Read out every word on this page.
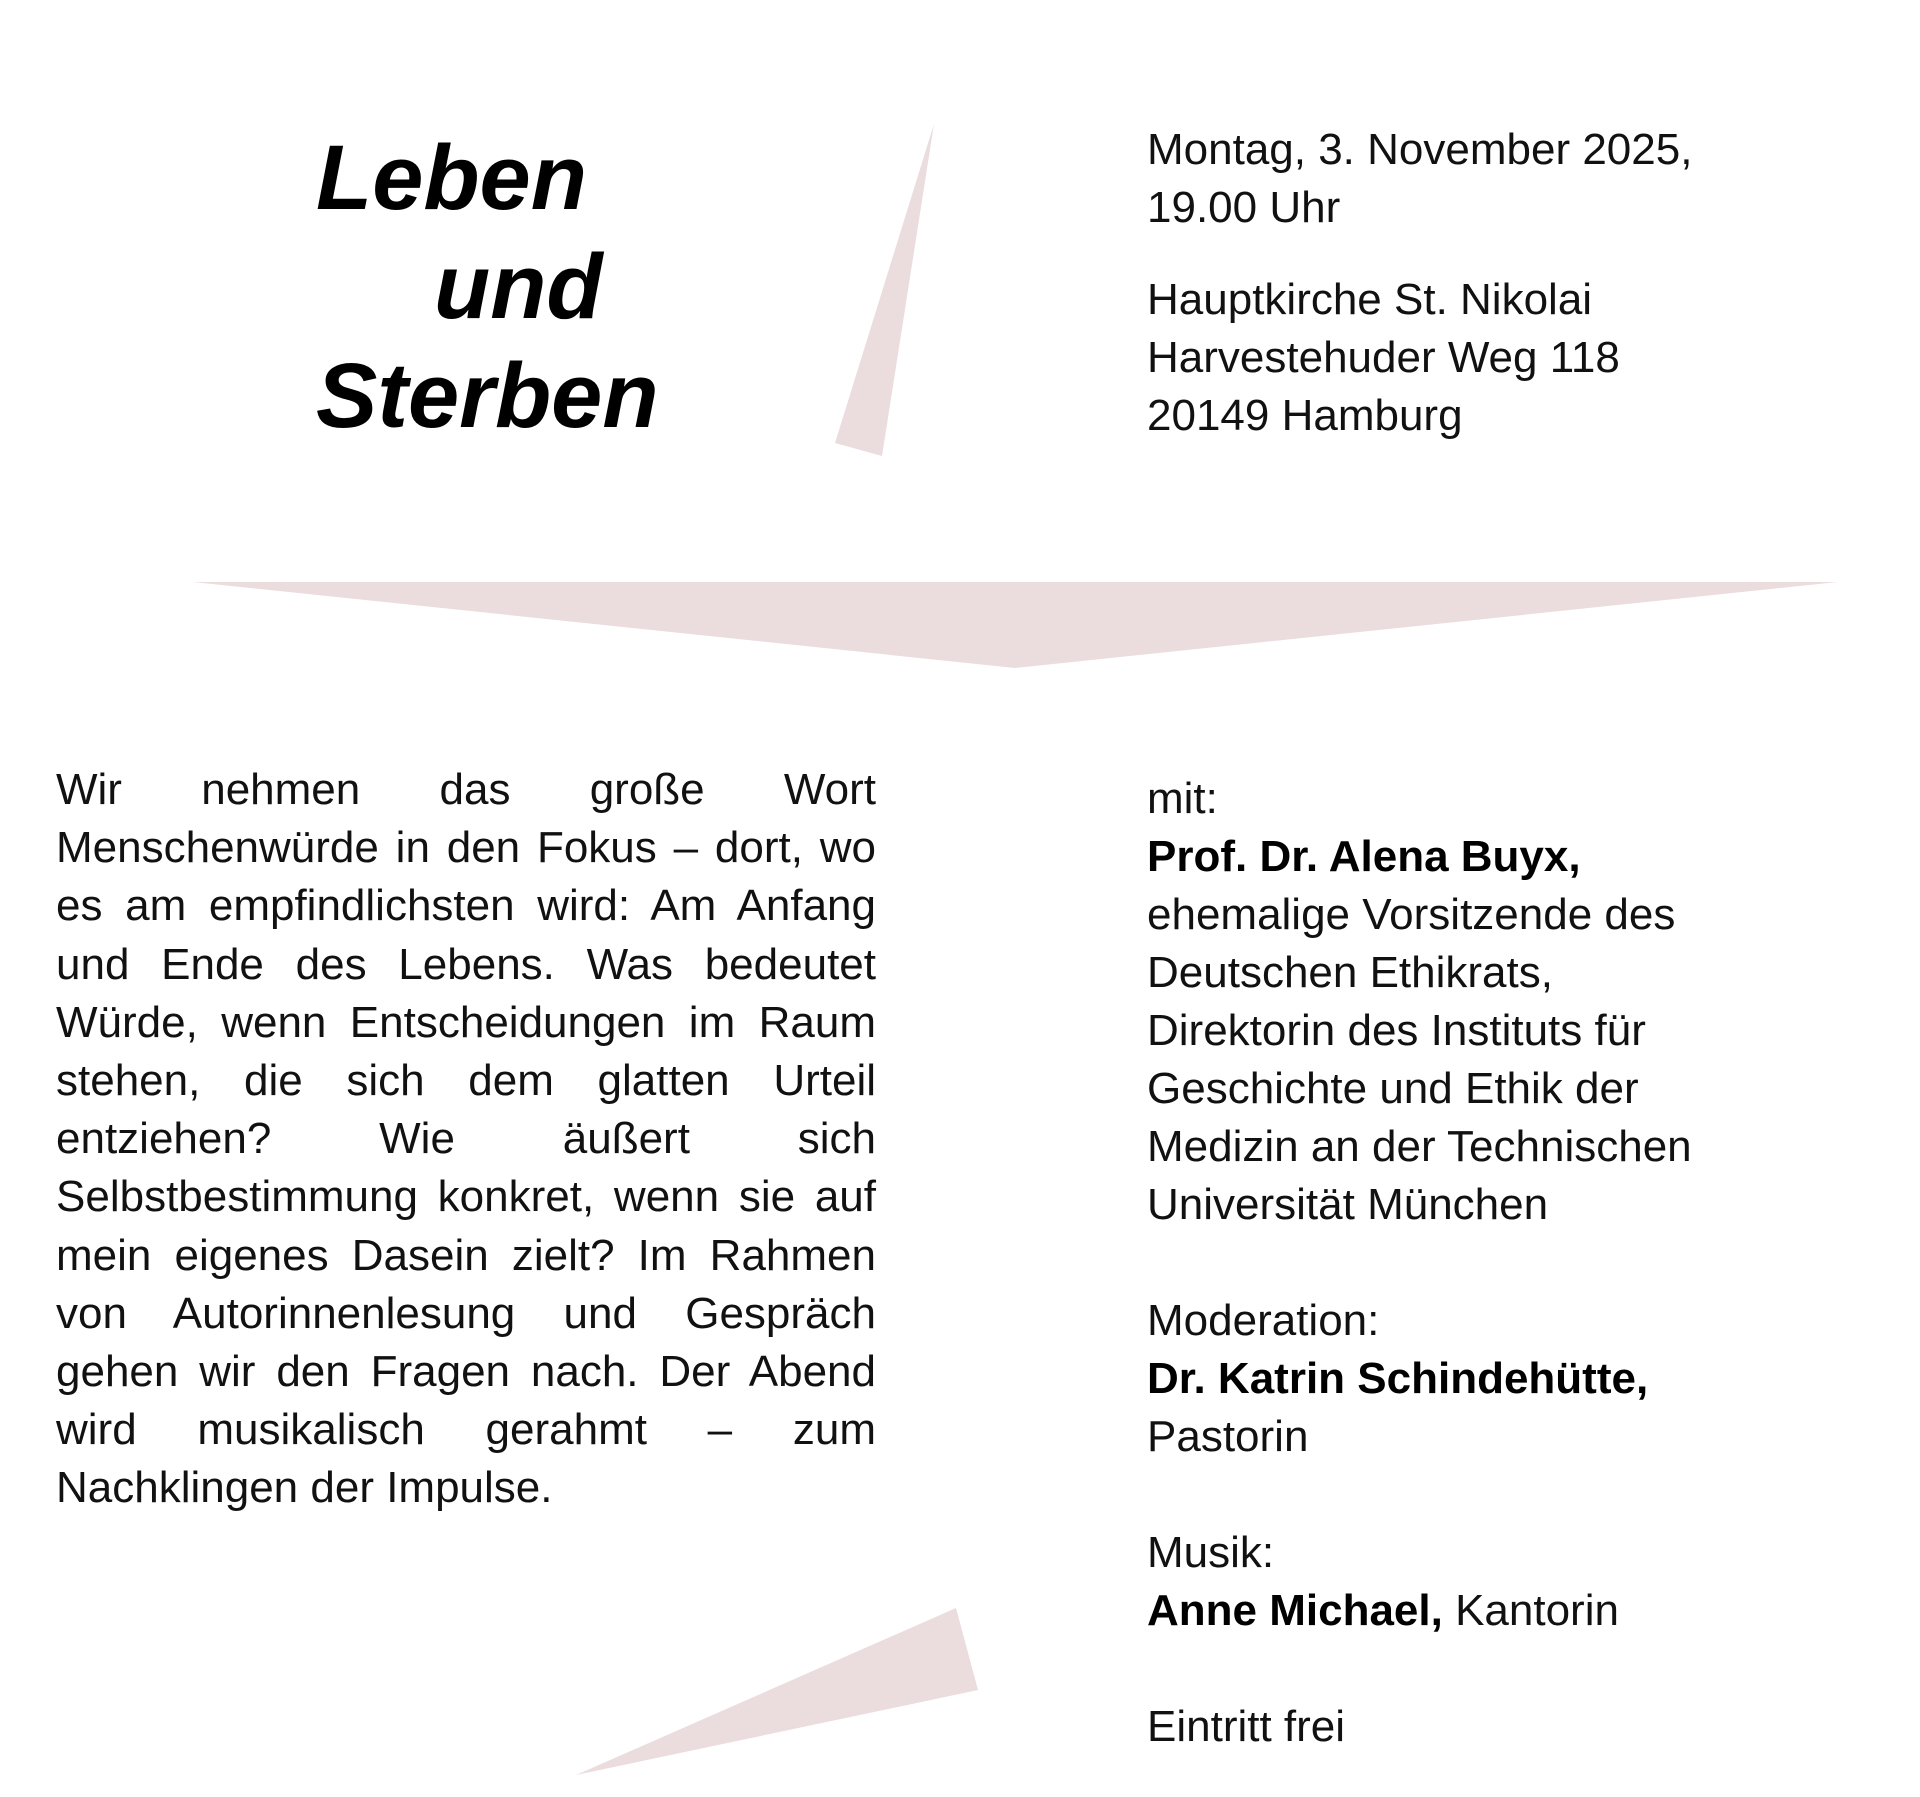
Leben
und
Sterben

Montag, 3. November 2025,

19.00 Uhr

Hauptkirche St. Nikolai

Harvestehuder Weg 118

20149 Hamburg

Wir nehmen das große Wort Menschenwürde in den Fokus – dort, wo es am empfindlichsten wird: Am Anfang und Ende des Lebens. Was bedeutet Würde, wenn Entscheidungen im Raum stehen, die sich dem glatten Urteil entziehen? Wie äußert sich Selbstbestimmung konkret, wenn sie auf mein eigenes Dasein zielt? Im Rahmen von Autorinnenlesung und Gespräch gehen wir den Fragen nach. Der Abend wird musikalisch gerahmt – zum Nachklingen der Impulse.
mit:
Prof. Dr. Alena Buyx,
ehemalige Vorsitzende des
Deutschen Ethikrats,
Direktorin des Instituts für
Geschichte und Ethik der
Medizin an der Technischen
Universität München
Moderation:
Dr. Katrin Schindehütte,
Pastorin
Musik:
Anne Michael, Kantorin
Eintritt frei
